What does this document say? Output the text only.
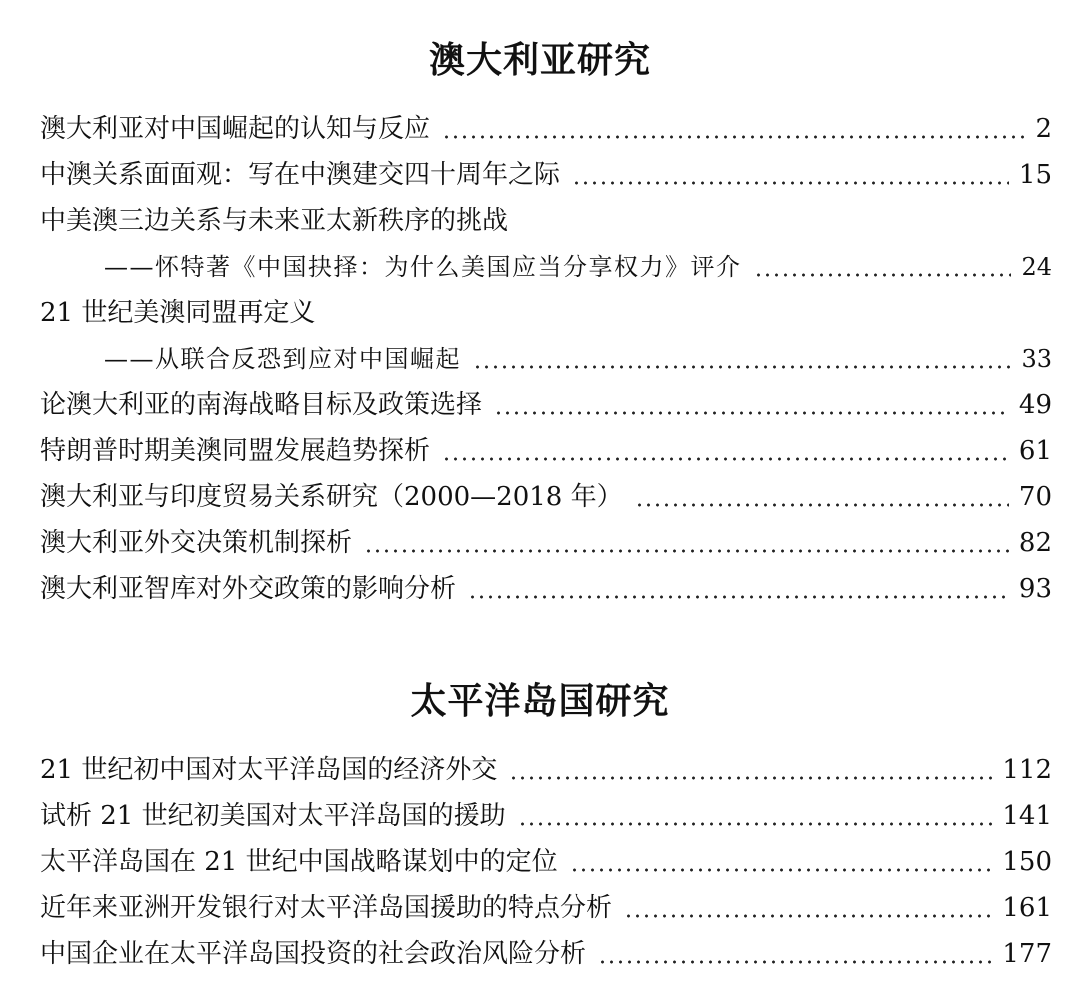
澳大利亚研究
澳大利亚对中国崛起的认知与反应	2
中澳关系面面观：写在中澳建交四十周年之际	15
中美澳三边关系与未来亚太新秩序的挑战
——怀特著《中国抉择：为什么美国应当分享权力》评介	24
21 世纪美澳同盟再定义
——从联合反恐到应对中国崛起	33
论澳大利亚的南海战略目标及政策选择	49
特朗普时期美澳同盟发展趋势探析	61
澳大利亚与印度贸易关系研究（2000—2018 年）	70
澳大利亚外交决策机制探析	82
澳大利亚智库对外交政策的影响分析	93
太平洋岛国研究
21 世纪初中国对太平洋岛国的经济外交	112
试析 21 世纪初美国对太平洋岛国的援助	141
太平洋岛国在 21 世纪中国战略谋划中的定位	150
近年来亚洲开发银行对太平洋岛国援助的特点分析	161
中国企业在太平洋岛国投资的社会政治风险分析	177
